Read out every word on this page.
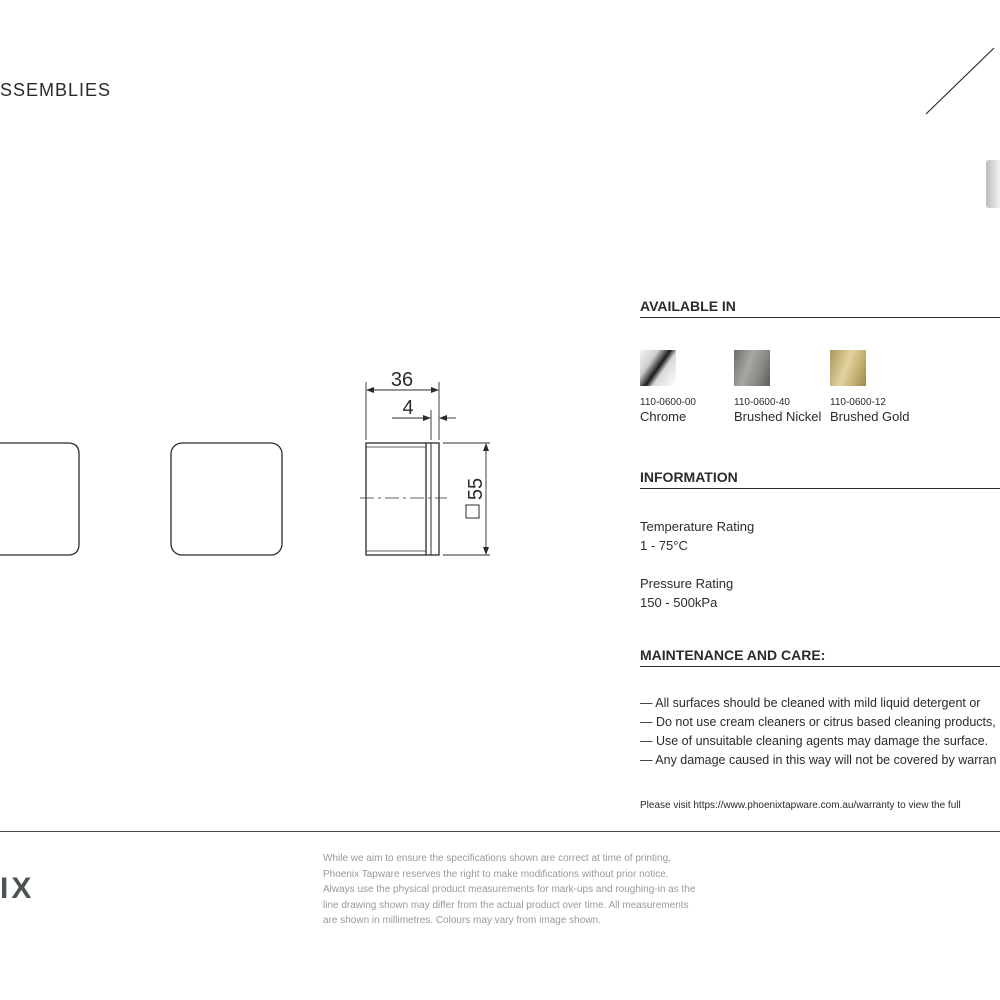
SSEMBLIES
36
4
55
AVAILABLE IN
110-0600-00
Chrome
110-0600-40
Brushed Nickel
110-0600-12
Brushed Gold
INFORMATION
Temperature Rating
1 - 75°C
Pressure Rating
150 - 500kPa
MAINTENANCE AND CARE:
— All surfaces should be cleaned with mild liquid detergent or
— Do not use cream cleaners or citrus based cleaning products,
— Use of unsuitable cleaning agents may damage the surface.
— Any damage caused in this way will not be covered by warran
Please visit https://www.phoenixtapware.com.au/warranty to view the full
IX
While we aim to ensure the specifications shown are correct at time of printing,
Phoenix Tapware reserves the right to make modifications without prior notice.
Always use the physical product measurements for mark-ups and roughing-in as the
line drawing shown may differ from the actual product over time. All measurements
are shown in millimetres. Colours may vary from image shown.
